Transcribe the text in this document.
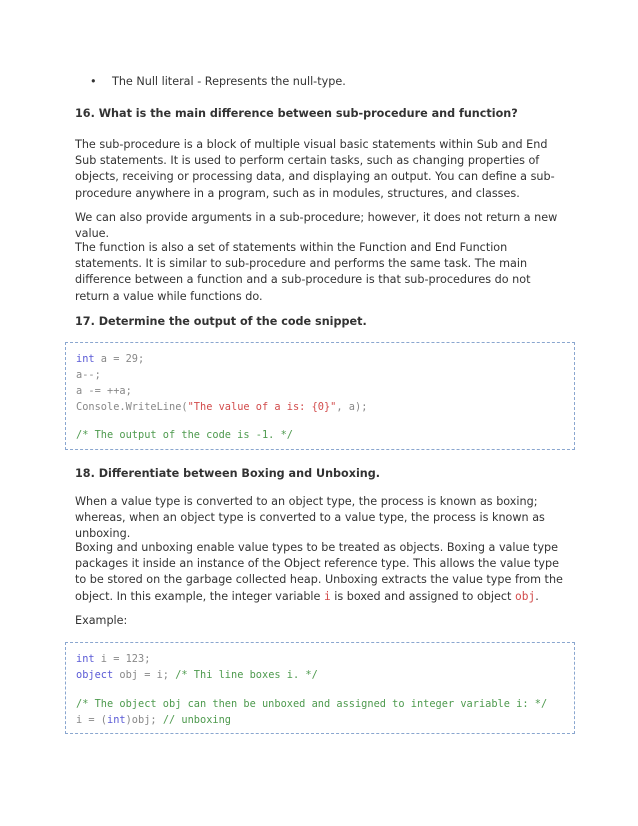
• The Null literal - Represents the null-type.

16. What is the main difference between sub-procedure and function?

The sub-procedure is a block of multiple visual basic statements within Sub and End Sub statements. It is used to perform certain tasks, such as changing properties of objects, receiving or processing data, and displaying an output. You can define a sub-procedure anywhere in a program, such as in modules, structures, and classes.

We can also provide arguments in a sub-procedure; however, it does not return a new value.

The function is also a set of statements within the Function and End Function statements. It is similar to sub-procedure and performs the same task. The main difference between a function and a sub-procedure is that sub-procedures do not return a value while functions do.

17. Determine the output of the code snippet.

int a = 29;
a--;
a -= ++a;
Console.WriteLine("The value of a is: {0}", a);
/* The output of the code is -1. */

18. Differentiate between Boxing and Unboxing.

When a value type is converted to an object type, the process is known as boxing; whereas, when an object type is converted to a value type, the process is known as unboxing.

Boxing and unboxing enable value types to be treated as objects. Boxing a value type packages it inside an instance of the Object reference type. This allows the value type to be stored on the garbage collected heap. Unboxing extracts the value type from the object. In this example, the integer variable i is boxed and assigned to object obj.

Example:

int i = 123;
object obj = i; /* Thi line boxes i. */
/* The object obj can then be unboxed and assigned to integer variable i: */
i = (int)obj; // unboxing
